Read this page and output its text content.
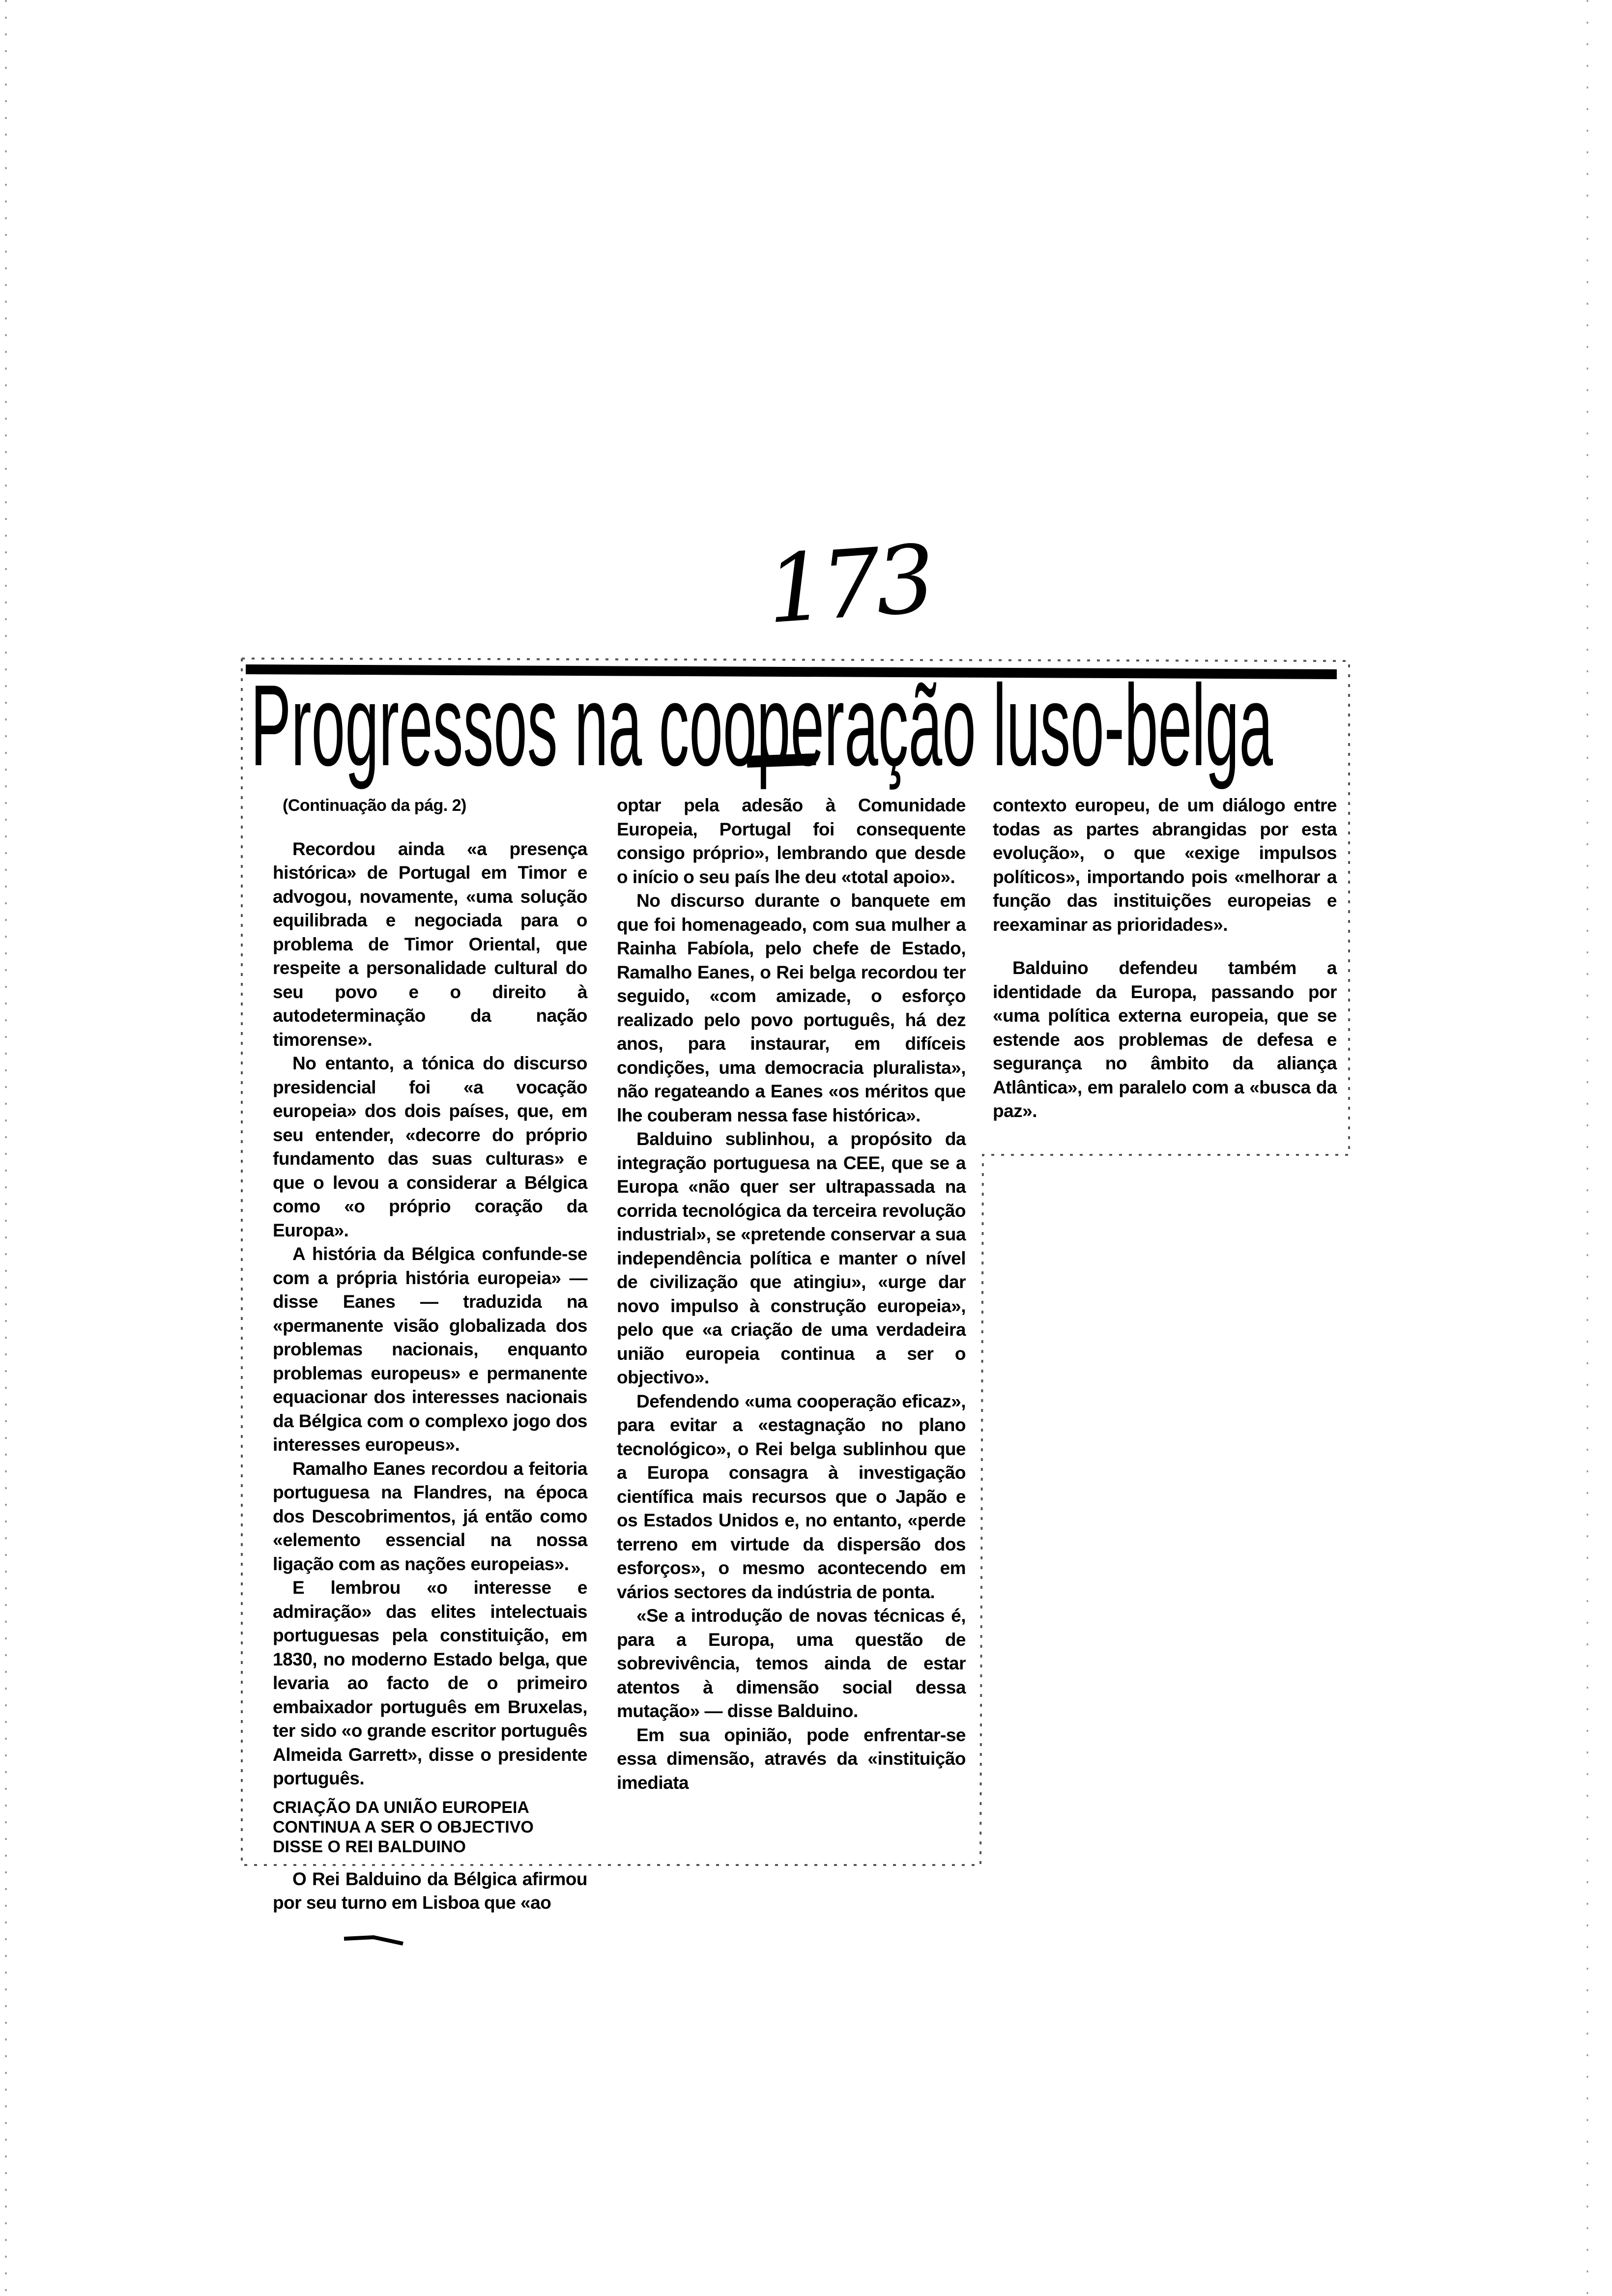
Progressos na cooperação luso-belga
173

(Continuação da pág. 2)

Recordou ainda «a presença histórica» de Portugal em Timor e advogou, novamente, «uma solução equilibrada e negociada para o problema de Timor Oriental, que respeite a personalidade cultural do seu povo e o direito à autodeterminação da nação timorense».

No entanto, a tónica do discurso presidencial foi «a vocação europeia» dos dois países, que, em seu entender, «decorre do próprio fundamento das suas culturas» e que o levou a considerar a Bélgica como «o próprio coração da Europa».

A história da Bélgica confunde-se com a própria história europeia» — disse Eanes — traduzida na «permanente visão globalizada dos problemas nacionais, enquanto problemas europeus» e permanente equacionar dos interesses nacionais da Bélgica com o complexo jogo dos interesses europeus».

Ramalho Eanes recordou a feitoria portuguesa na Flandres, na época dos Descobrimentos, já então como «elemento essencial na nossa ligação com as nações europeias».

E lembrou «o interesse e admiração» das elites intelectuais portuguesas pela constituição, em 1830, no moderno Estado belga, que levaria ao facto de o primeiro embaixador português em Bruxelas, ter sido «o grande escritor português Almeida Garrett», disse o presidente português.

CRIAÇÃO DA UNIÃO EUROPEIA CONTINUA A SER O OBJECTIVO DISSE O REI BALDUINO

O Rei Balduino da Bélgica afirmou por seu turno em Lisboa que «ao

optar pela adesão à Comunidade Europeia, Portugal foi consequente consigo próprio», lembrando que desde o início o seu país lhe deu «total apoio».

No discurso durante o banquete em que foi homenageado, com sua mulher a Rainha Fabíola, pelo chefe de Estado, Ramalho Eanes, o Rei belga recordou ter seguido, «com amizade, o esforço realizado pelo povo português, há dez anos, para instaurar, em difíceis condições, uma democracia pluralista», não regateando a Eanes «os méritos que lhe couberam nessa fase histórica».

Balduino sublinhou, a propósito da integração portuguesa na CEE, que se a Europa «não quer ser ultrapassada na corrida tecnológica da terceira revolução industrial», se «pretende conservar a sua independência política e manter o nível de civilização que atingiu», «urge dar novo impulso à construção europeia», pelo que «a criação de uma verdadeira união europeia continua a ser o objectivo».

Defendendo «uma cooperação eficaz», para evitar a «estagnação no plano tecnológico», o Rei belga sublinhou que a Europa consagra à investigação científica mais recursos que o Japão e os Estados Unidos e, no entanto, «perde terreno em virtude da dispersão dos esforços», o mesmo acontecendo em vários sectores da indústria de ponta.

«Se a introdução de novas técnicas é, para a Europa, uma questão de sobrevivência, temos ainda de estar atentos à dimensão social dessa mutação» — disse Balduino.

Em sua opinião, pode enfrentar-se essa dimensão, através da «instituição imediata

contexto europeu, de um diálogo entre todas as partes abrangidas por esta evolução», o que «exige impulsos políticos», importando pois «melhorar a função das instituições europeias e reexaminar as prioridades».

Balduino defendeu também a identidade da Europa, passando por «uma política externa europeia, que se estende aos problemas de defesa e segurança no âmbito da aliança Atlântica», em paralelo com a «busca da paz».
